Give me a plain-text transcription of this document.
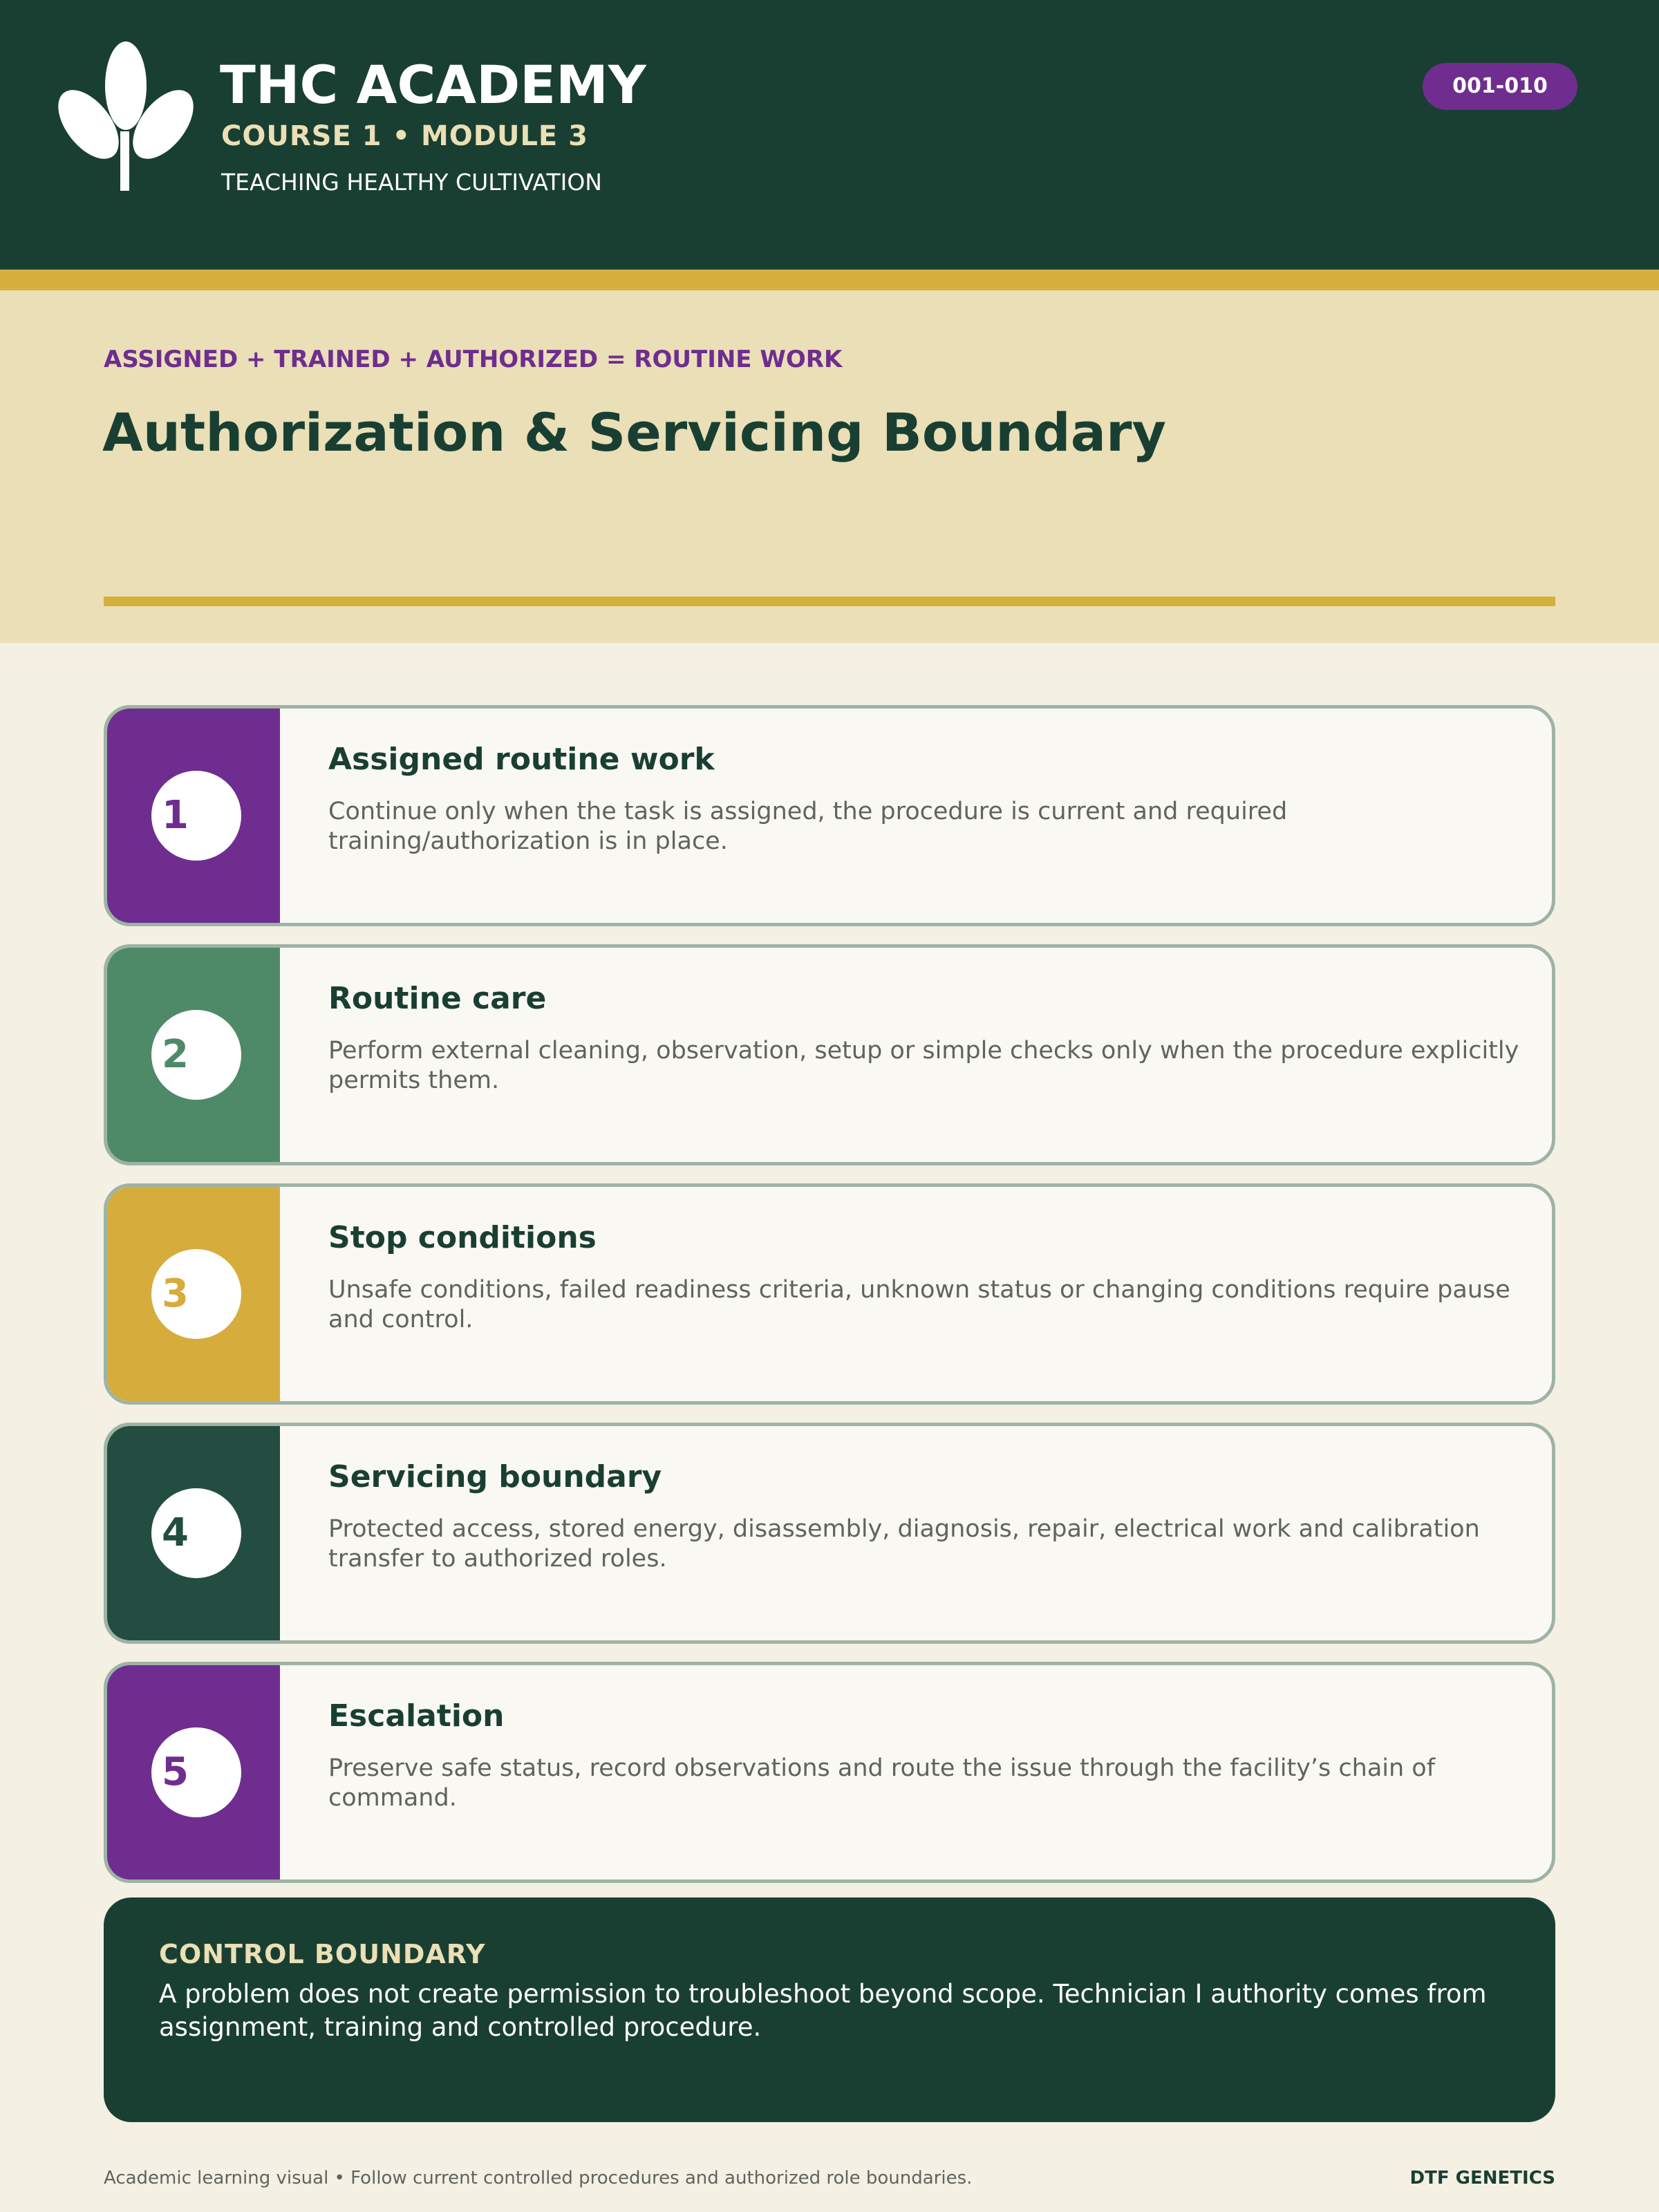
THC ACADEMY
COURSE 1 • MODULE 3
TEACHING HEALTHY CULTIVATION
001-010
ASSIGNED + TRAINED + AUTHORIZED = ROUTINE WORK
Authorization & Servicing Boundary
1
Assigned routine work
Continue only when the task is assigned, the procedure is current and required training/authorization is in place.
2
Routine care
Perform external cleaning, observation, setup or simple checks only when the procedure explicitly permits them.
3
Stop conditions
Unsafe conditions, failed readiness criteria, unknown status or changing conditions require pause and control.
4
Servicing boundary
Protected access, stored energy, disassembly, diagnosis, repair, electrical work and calibration transfer to authorized roles.
5
Escalation
Preserve safe status, record observations and route the issue through the facility’s chain of command.
CONTROL BOUNDARY
A problem does not create permission to troubleshoot beyond scope. Technician I authority comes from assignment, training and controlled procedure.
Academic learning visual • Follow current controlled procedures and authorized role boundaries.	DTF GENETICS
